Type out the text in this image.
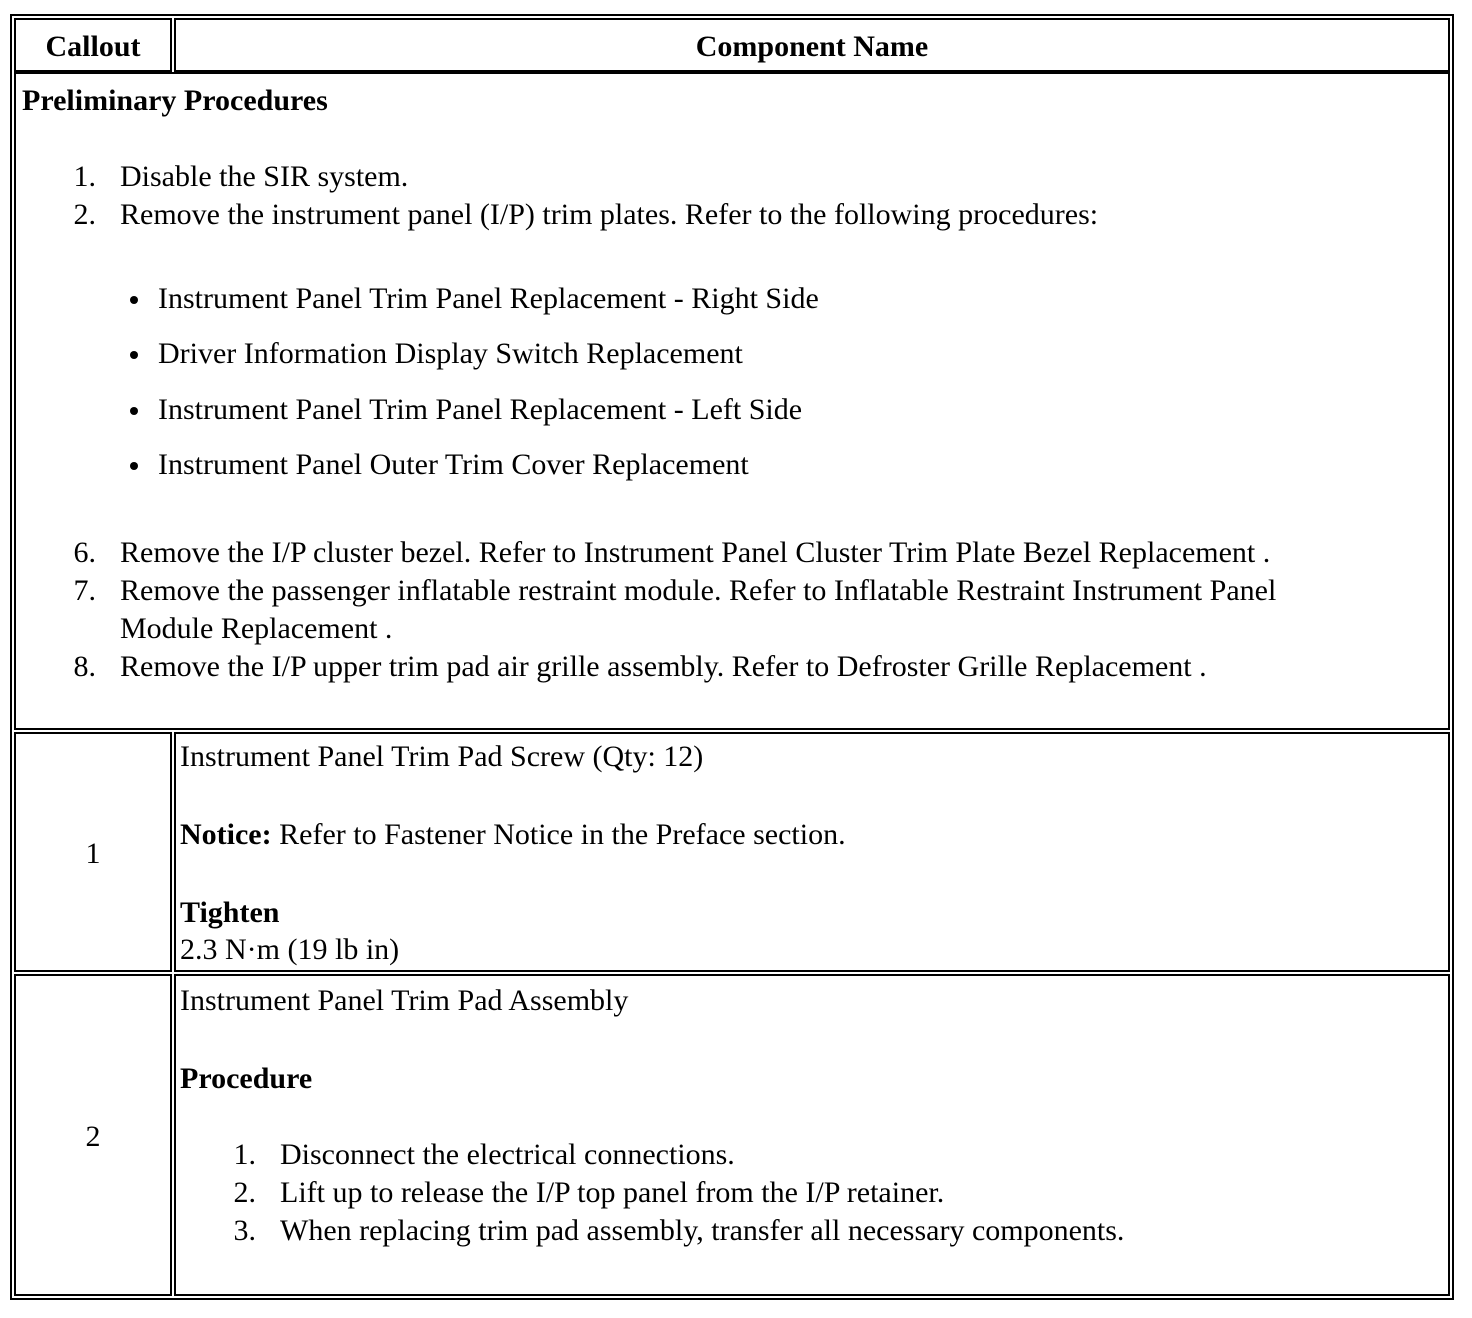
Callout	Component Name
Preliminary Procedures
1. Disable the SIR system.
2. Remove the instrument panel (I/P) trim plates. Refer to the following procedures:
Instrument Panel Trim Panel Replacement - Right Side
Driver Information Display Switch Replacement
Instrument Panel Trim Panel Replacement - Left Side
Instrument Panel Outer Trim Cover Replacement
6. Remove the I/P cluster bezel. Refer to Instrument Panel Cluster Trim Plate Bezel Replacement .
7. Remove the passenger inflatable restraint module. Refer to Inflatable Restraint Instrument Panel
Module Replacement .
8. Remove the I/P upper trim pad air grille assembly. Refer to Defroster Grille Replacement .
1
Instrument Panel Trim Pad Screw (Qty: 12)
Notice: Refer to Fastener Notice in the Preface section.
Tighten
2.3 N·m (19 lb in)
2
Instrument Panel Trim Pad Assembly
Procedure
1. Disconnect the electrical connections.
2. Lift up to release the I/P top panel from the I/P retainer.
3. When replacing trim pad assembly, transfer all necessary components.
